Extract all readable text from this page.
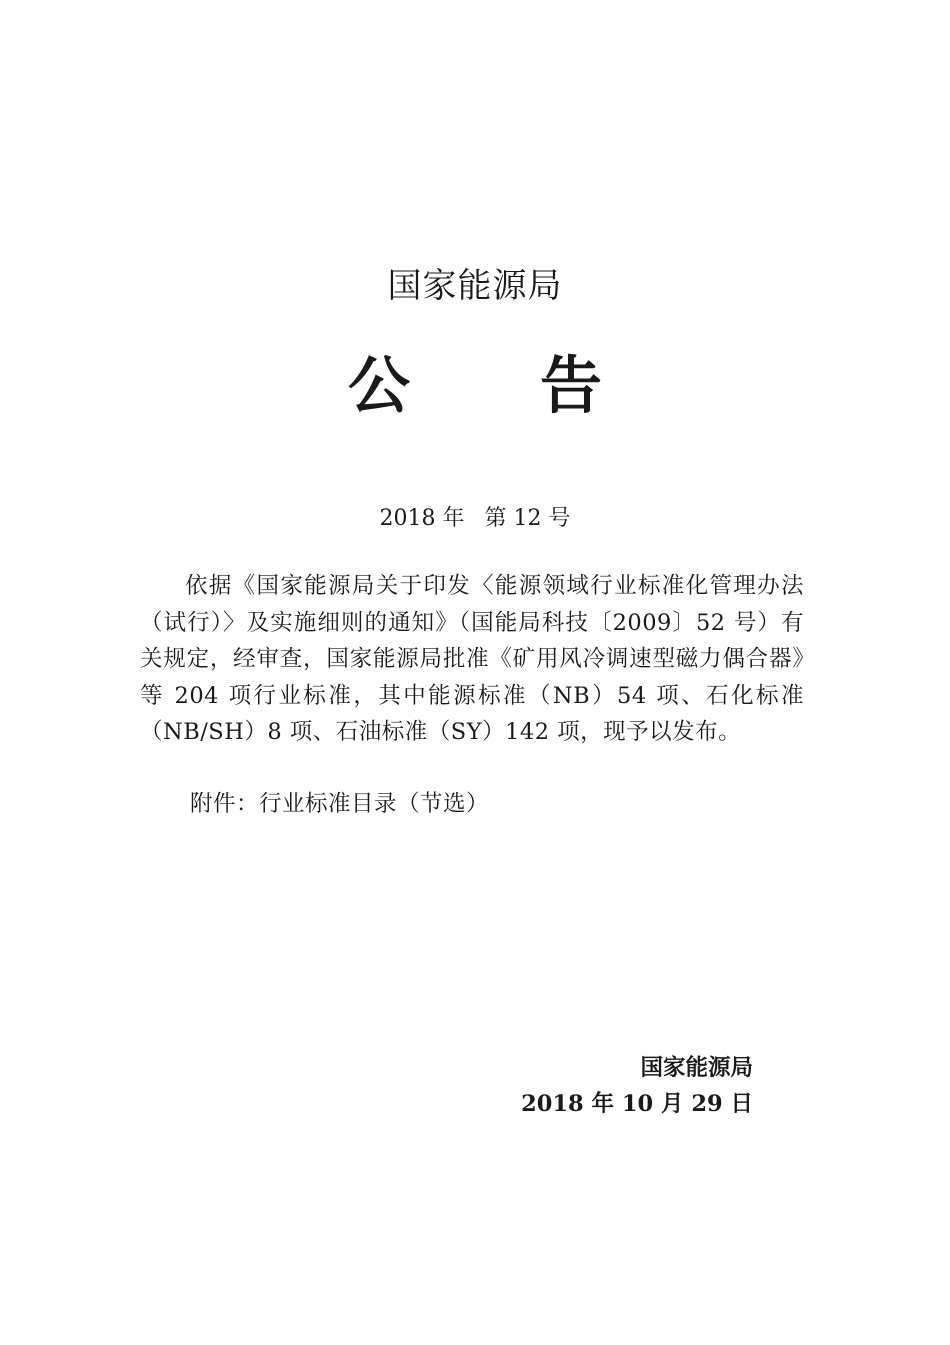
国家能源局
公 告
2018 年 第 12 号
依据《国家能源局关于印发〈能源领域行业标准化管理办法（试行）〉及实施细则的通知》（国能局科技〔2009〕52 号）有关规定，经审查，国家能源局批准《矿用风冷调速型磁力偶合器》等 204 项行业标准，其中能源标准（NB）54 项、石化标准（NB/SH）8 项、石油标准（SY）142 项，现予以发布。
附件：行业标准目录（节选）
国家能源局
2018 年 10 月 29 日
